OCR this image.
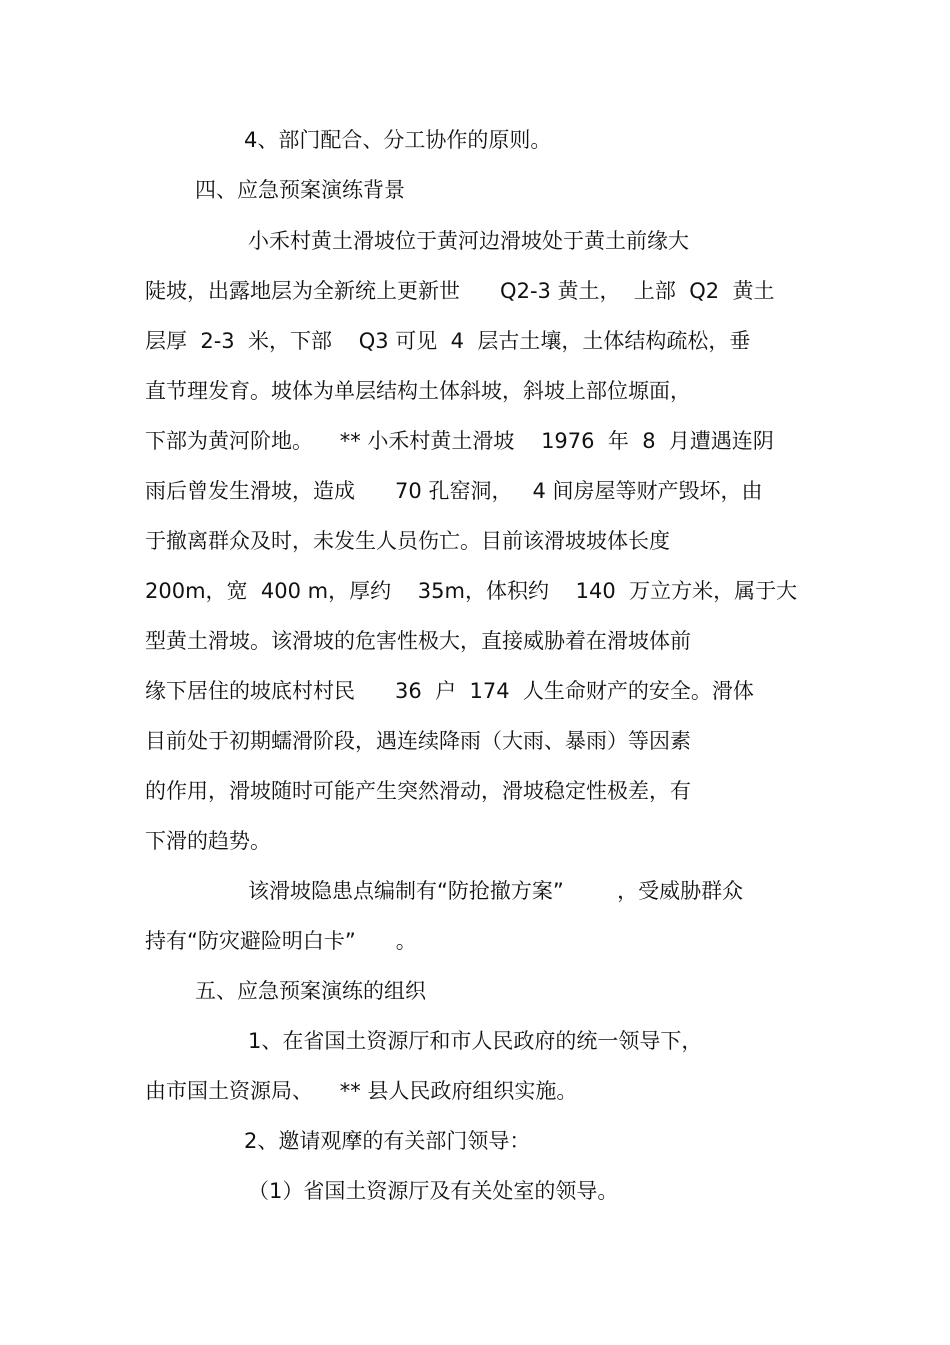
4、部门配合、分工协作的原则。
四、应急预案演练背景
小禾村黄土滑坡位于黄河边滑坡处于黄土前缘大
陡坡，出露地层为全新统上更新世      Q2-3 黄土，  上部  Q2  黄土
层厚  2-3  米，下部    Q3 可见  4  层古土壤，土体结构疏松，垂
直节理发育。坡体为单层结构土体斜坡，斜坡上部位塬面，
下部为黄河阶地。    ** 小禾村黄土滑坡    1976  年  8  月遭遇连阴
雨后曾发生滑坡，造成      70 孔窑洞，   4 间房屋等财产毁坏，由
于撤离群众及时，未发生人员伤亡。目前该滑坡坡体长度
200m，宽  400 m，厚约    35m，体积约    140  万立方米，属于大
型黄土滑坡。该滑坡的危害性极大，直接威胁着在滑坡体前
缘下居住的坡底村村民      36  户  174  人生命财产的安全。滑体
目前处于初期蠕滑阶段，遇连续降雨（大雨、暴雨）等因素
的作用，滑坡随时可能产生突然滑动，滑坡稳定性极差，有
下滑的趋势。
该滑坡隐患点编制有“防抢撤方案”        ，受威胁群众
持有“防灾避险明白卡”      。
五、应急预案演练的组织
1、在省国土资源厅和市人民政府的统一领导下，
由市国土资源局、    ** 县人民政府组织实施。
2、邀请观摩的有关部门领导：
（1）省国土资源厅及有关处室的领导。
